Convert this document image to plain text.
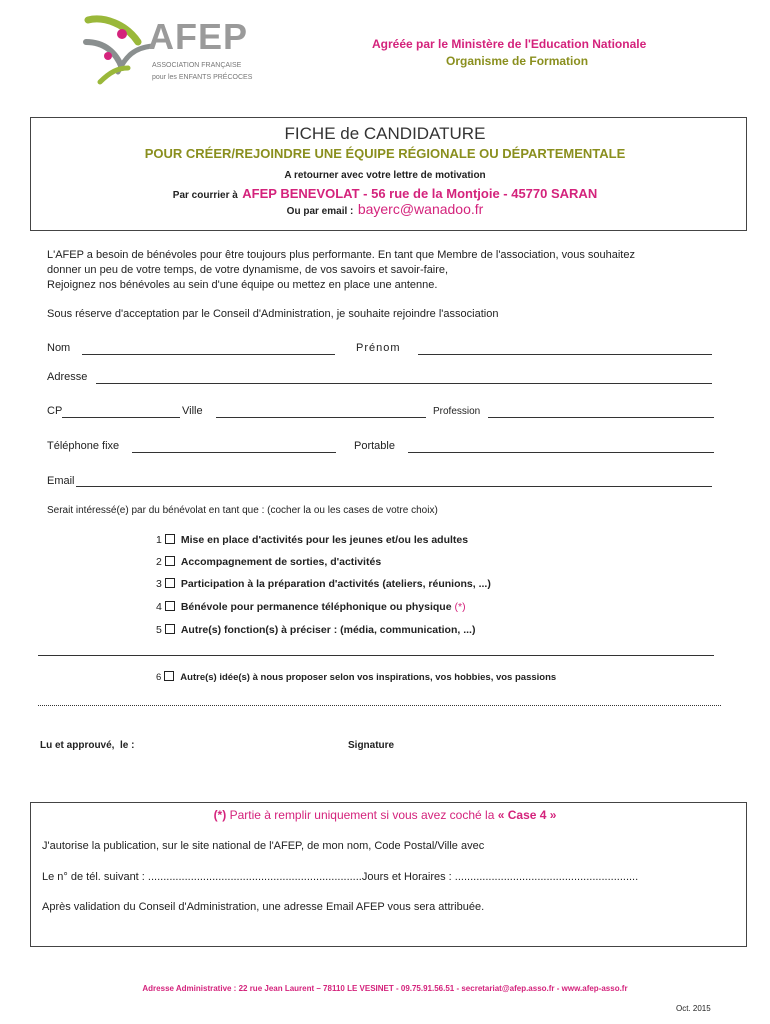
AFEP
ASSOCIATION FRANÇAISE
pour les ENFANTS PRÉCOCES
Agréée par le Ministère de l'Education Nationale
Organisme de Formation
FICHE de CANDIDATURE
POUR CRÉER/REJOINDRE UNE ÉQUIPE RÉGIONALE OU DÉPARTEMENTALE
A retourner avec votre lettre de motivation
Par courrier à AFEP BENEVOLAT - 56 rue de la Montjoie - 45770 SARAN
Ou par email : bayerc@wanadoo.fr
L'AFEP a besoin de bénévoles pour être toujours plus performante. En tant que Membre de l'association, vous souhaitez
donner un peu de votre temps, de votre dynamisme, de vos savoirs et savoir-faire,
Rejoignez nos bénévoles au sein d'une équipe ou mettez en place une antenne.
Sous réserve d'acceptation par le Conseil d'Administration, je souhaite rejoindre l'association
Nom	Prénom
Adresse
CP	Ville	Profession
Téléphone fixe	Portable
Email
Serait intéressé(e) par du bénévolat en tant que : (cocher la ou les cases de votre choix)
1 Mise en place d'activités pour les jeunes et/ou les adultes
2 Accompagnement de sorties, d'activités
3 Participation à la préparation d'activités (ateliers, réunions, ...)
4 Bénévole pour permanence téléphonique ou physique (*)
5 Autre(s) fonction(s) à préciser : (média, communication, ...)
6 Autre(s) idée(s) à nous proposer selon vos inspirations, vos hobbies, vos passions
Lu et approuvé,  le :	Signature
(*) Partie à remplir uniquement si vous avez coché la « Case 4 »
J'autorise la publication, sur le site national de l'AFEP, de mon nom, Code Postal/Ville avec
Le n° de tél. suivant : ......................................................................Jours et Horaires : ............................................................
Après validation du Conseil d'Administration, une adresse Email AFEP vous sera attribuée.
Adresse Administrative : 22 rue Jean Laurent – 78110 LE VESINET - 09.75.91.56.51 - secretariat@afep.asso.fr - www.afep-asso.fr
Oct. 2015
